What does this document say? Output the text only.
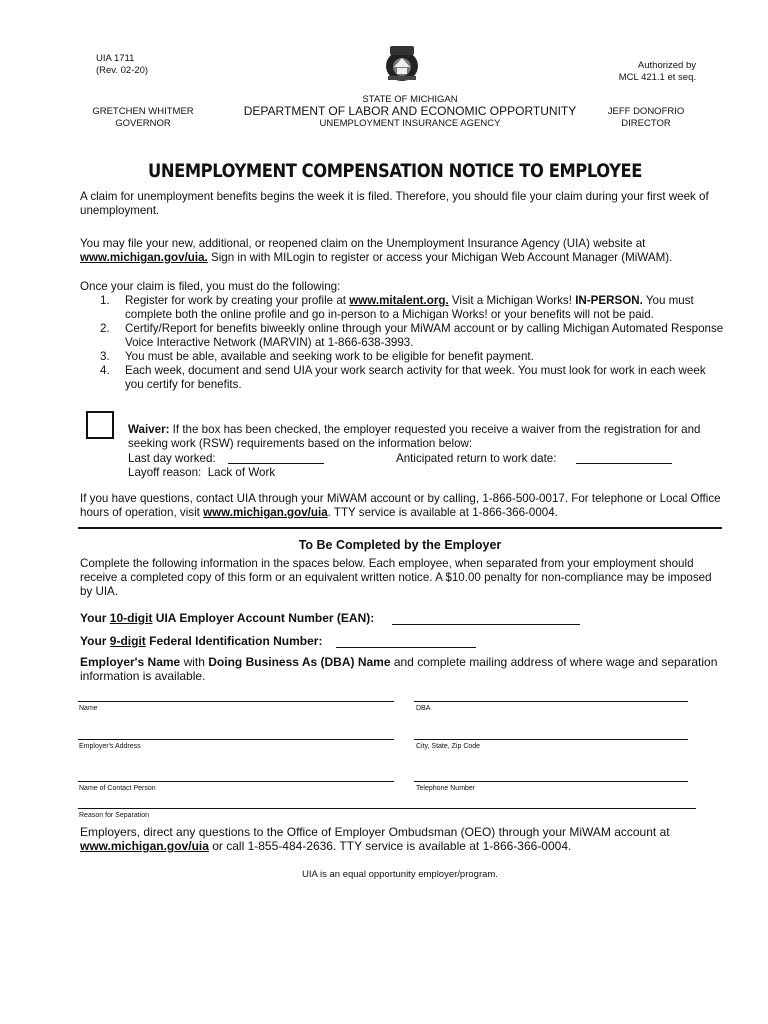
UIA 1711
(Rev. 02-20)	Authorized by
MCL 421.1 et seq.
STATE OF MICHIGAN
DEPARTMENT OF LABOR AND ECONOMIC OPPORTUNITY
UNEMPLOYMENT INSURANCE AGENCY
GRETCHEN WHITMER
GOVERNOR
JEFF DONOFRIO
DIRECTOR
UNEMPLOYMENT COMPENSATION NOTICE TO EMPLOYEE
A claim for unemployment benefits begins the week it is filed. Therefore, you should file your claim during your first week of unemployment.
You may file your new, additional, or reopened claim on the Unemployment Insurance Agency (UIA) website at
www.michigan.gov/uia. Sign in with MILogin to register or access your Michigan Web Account Manager (MiWAM).
Once your claim is filed, you must do the following:
1. Register for work by creating your profile at www.mitalent.org. Visit a Michigan Works! IN-PERSON. You must complete both the online profile and go in-person to a Michigan Works! or your benefits will not be paid.
2. Certify/Report for benefits biweekly online through your MiWAM account or by calling Michigan Automated Response Voice Interactive Network (MARVIN) at 1-866-638-3993.
3. You must be able, available and seeking work to be eligible for benefit payment.
4. Each week, document and send UIA your work search activity for that week. You must look for work in each week you certify for benefits.
Waiver: If the box has been checked, the employer requested you receive a waiver from the registration for and seeking work (RSW) requirements based on the information below:
Last day worked:	Anticipated return to work date:
Layoff reason: Lack of Work
If you have questions, contact UIA through your MiWAM account or by calling, 1-866-500-0017. For telephone or Local Office hours of operation, visit www.michigan.gov/uia. TTY service is available at 1-866-366-0004.
To Be Completed by the Employer
Complete the following information in the spaces below. Each employee, when separated from your employment should receive a completed copy of this form or an equivalent written notice. A $10.00 penalty for non-compliance may be imposed by UIA.
Your 10-digit UIA Employer Account Number (EAN):
Your 9-digit Federal Identification Number:
Employer's Name with Doing Business As (DBA) Name and complete mailing address of where wage and separation information is available.
Name	DBA
Employer's Address	City, State, Zip Code
Name of Contact Person	Telephone Number
Reason for Separation
Employers, direct any questions to the Office of Employer Ombudsman (OEO) through your MiWAM account at www.michigan.gov/uia or call 1-855-484-2636. TTY service is available at 1-866-366-0004.
UIA is an equal opportunity employer/program.
